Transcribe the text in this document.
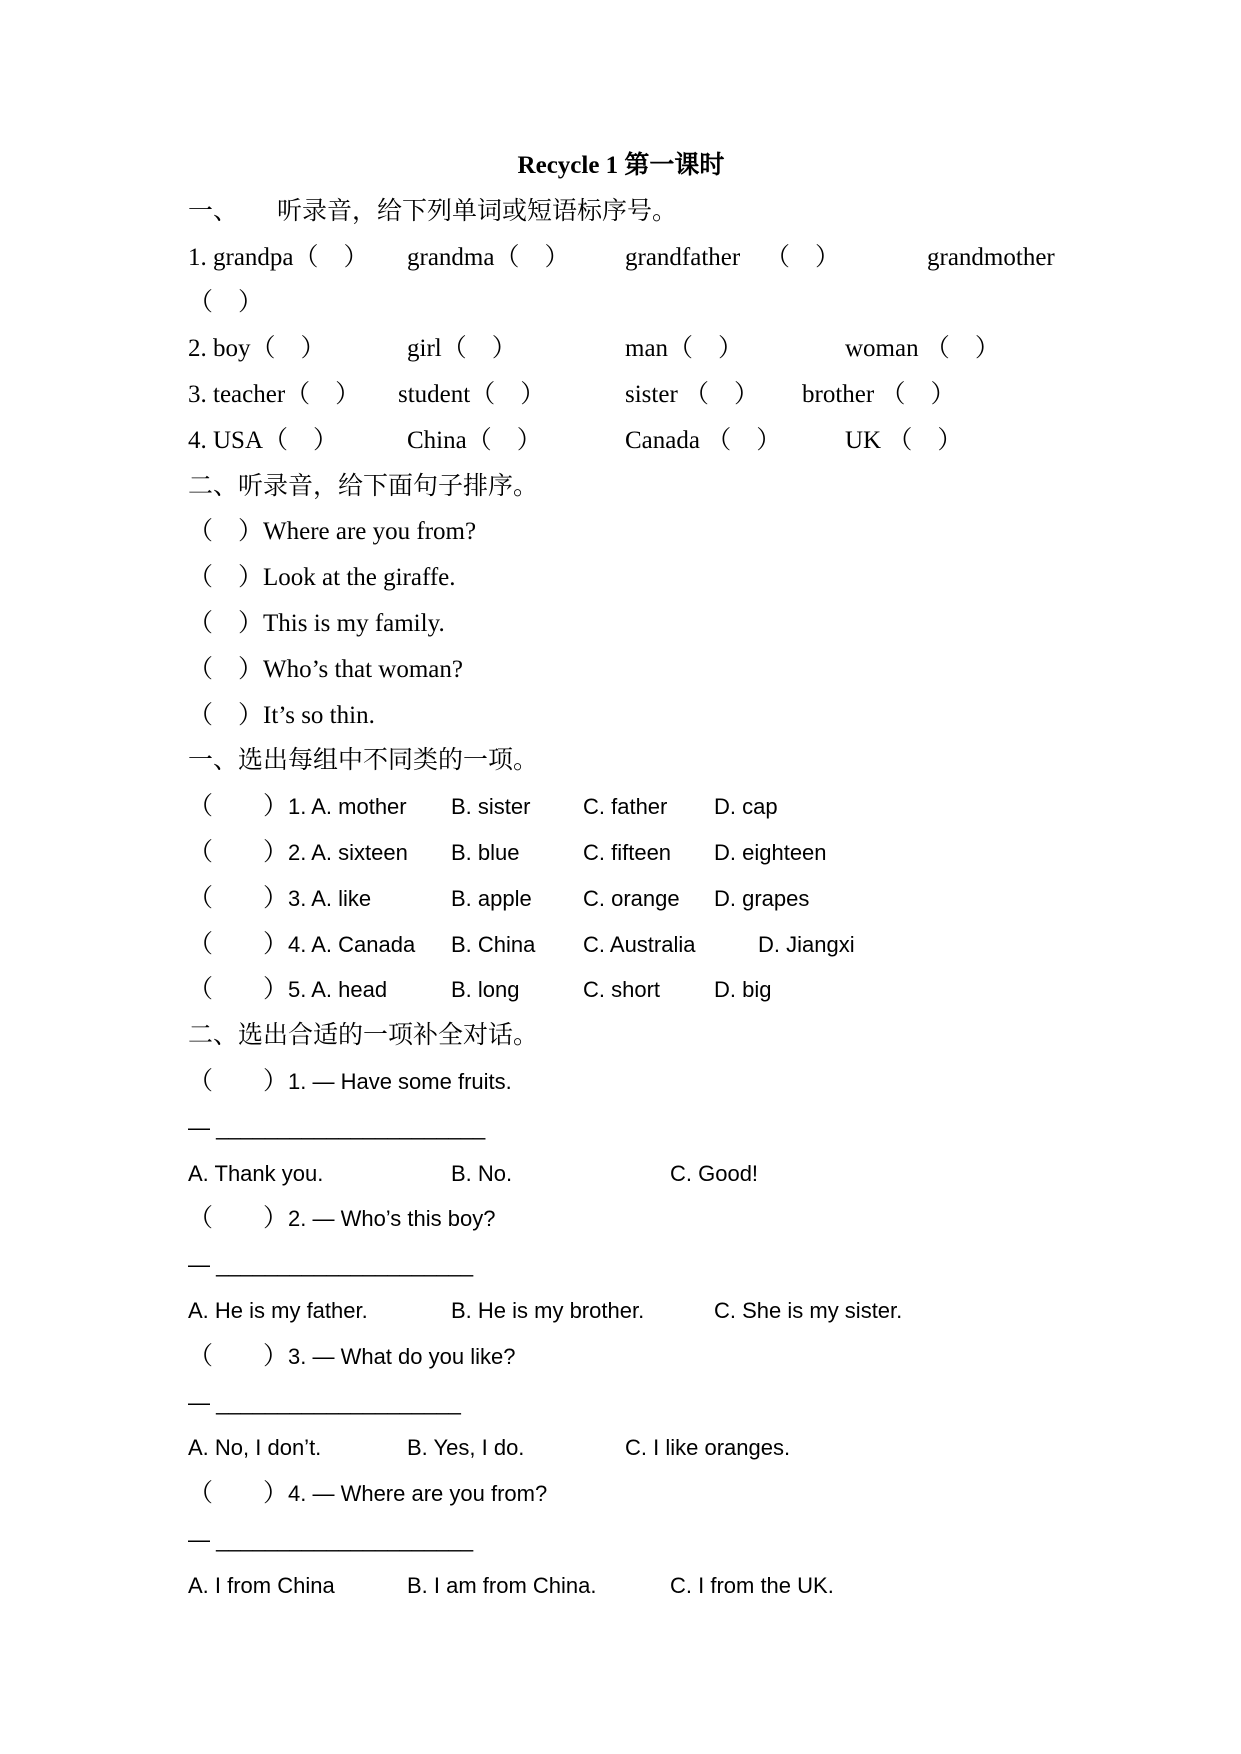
Recycle 1 第一课时
一、 听录音，给下列单词或短语标序号。
1. grandpa（　） grandma（　） grandfather （　）	grandmother
（　）
2. boy（　）	girl（　）	man（　）	woman （　）
3. teacher（　） student（　）	sister （　） brother （　）
4. USA（　）	China（　）	Canada （　）	UK （　）
二、听录音，给下面句子排序。
（　） Where are you from?
（　） Look at the giraffe.
（　） This is my family.
（　） Who’s that woman?
（　） It’s so thin.
一、选出每组中不同类的一项。
（　　） 1. A. mother B. sister C. father D. cap
（　　） 2. A. sixteen B. blue	C. fifteen D. eighteen
（　　） 3. A. like	B. apple C. orange D. grapes
（　　） 4. A. Canada B. China C. Australia	D. Jiangxi
（　　） 5. A. head	B. long	C. short D. big
二、选出合适的一项补全对话。
（　　） 1. — Have some fruits.
— ______________________
A. Thank you.	B. No.	C. Good!
（　　） 2. — Who’s this boy?
— _____________________
A. He is my father.	B. He is my brother.	C. She is my sister.
（　　） 3. — What do you like?
— ____________________
A. No, I don’t.	B. Yes, I do.	C. I like oranges.
（　　） 4. — Where are you from?
— _____________________
A. I from China	B. I am from China.	C. I from the UK.
